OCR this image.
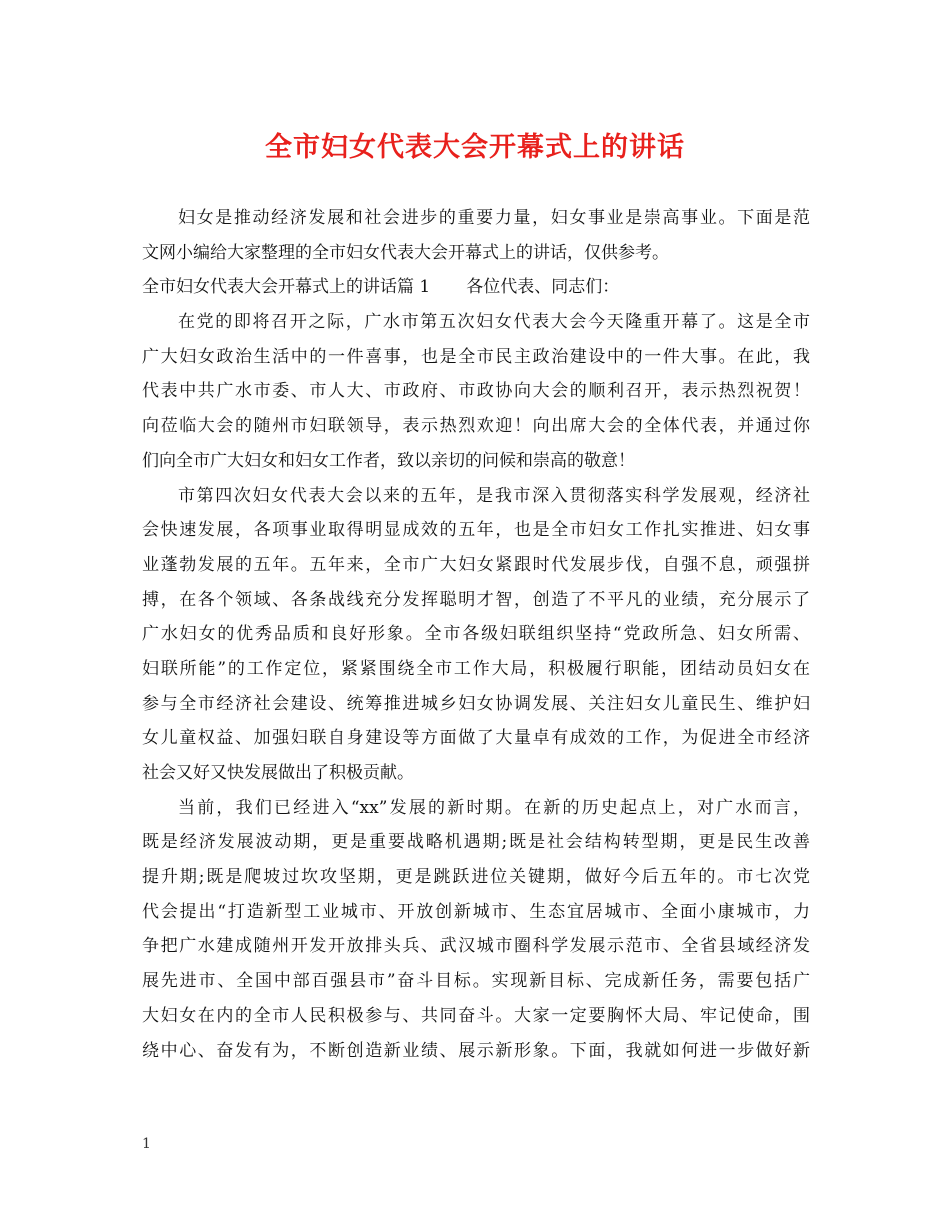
全市妇女代表大会开幕式上的讲话
妇女是推动经济发展和社会进步的重要力量，妇女事业是崇高事业。下面是范
文网小编给大家整理的全市妇女代表大会开幕式上的讲话，仅供参考。
全市妇女代表大会开幕式上的讲话篇 1 各位代表、同志们：
在党的即将召开之际，广水市第五次妇女代表大会今天隆重开幕了。这是全市
广大妇女政治生活中的一件喜事，也是全市民主政治建设中的一件大事。在此，我
代表中共广水市委、市人大、市政府、市政协向大会的顺利召开，表示热烈祝贺！
向莅临大会的随州市妇联领导，表示热烈欢迎！向出席大会的全体代表，并通过你
们向全市广大妇女和妇女工作者，致以亲切的问候和崇高的敬意！
市第四次妇女代表大会以来的五年，是我市深入贯彻落实科学发展观，经济社
会快速发展，各项事业取得明显成效的五年，也是全市妇女工作扎实推进、妇女事
业蓬勃发展的五年。五年来，全市广大妇女紧跟时代发展步伐，自强不息，顽强拼
搏，在各个领域、各条战线充分发挥聪明才智，创造了不平凡的业绩，充分展示了
广水妇女的优秀品质和良好形象。全市各级妇联组织坚持“党政所急、妇女所需、
妇联所能”的工作定位，紧紧围绕全市工作大局，积极履行职能，团结动员妇女在
参与全市经济社会建设、统筹推进城乡妇女协调发展、关注妇女儿童民生、维护妇
女儿童权益、加强妇联自身建设等方面做了大量卓有成效的工作，为促进全市经济
社会又好又快发展做出了积极贡献。
当前，我们已经进入“xx”发展的新时期。在新的历史起点上，对广水而言，
既是经济发展波动期，更是重要战略机遇期;既是社会结构转型期，更是民生改善
提升期;既是爬坡过坎攻坚期，更是跳跃进位关键期，做好今后五年的。市七次党
代会提出“打造新型工业城市、开放创新城市、生态宜居城市、全面小康城市，力
争把广水建成随州开发开放排头兵、武汉城市圈科学发展示范市、全省县域经济发
展先进市、全国中部百强县市”奋斗目标。实现新目标、完成新任务，需要包括广
大妇女在内的全市人民积极参与、共同奋斗。大家一定要胸怀大局、牢记使命，围
绕中心、奋发有为，不断创造新业绩、展示新形象。下面，我就如何进一步做好新
1
